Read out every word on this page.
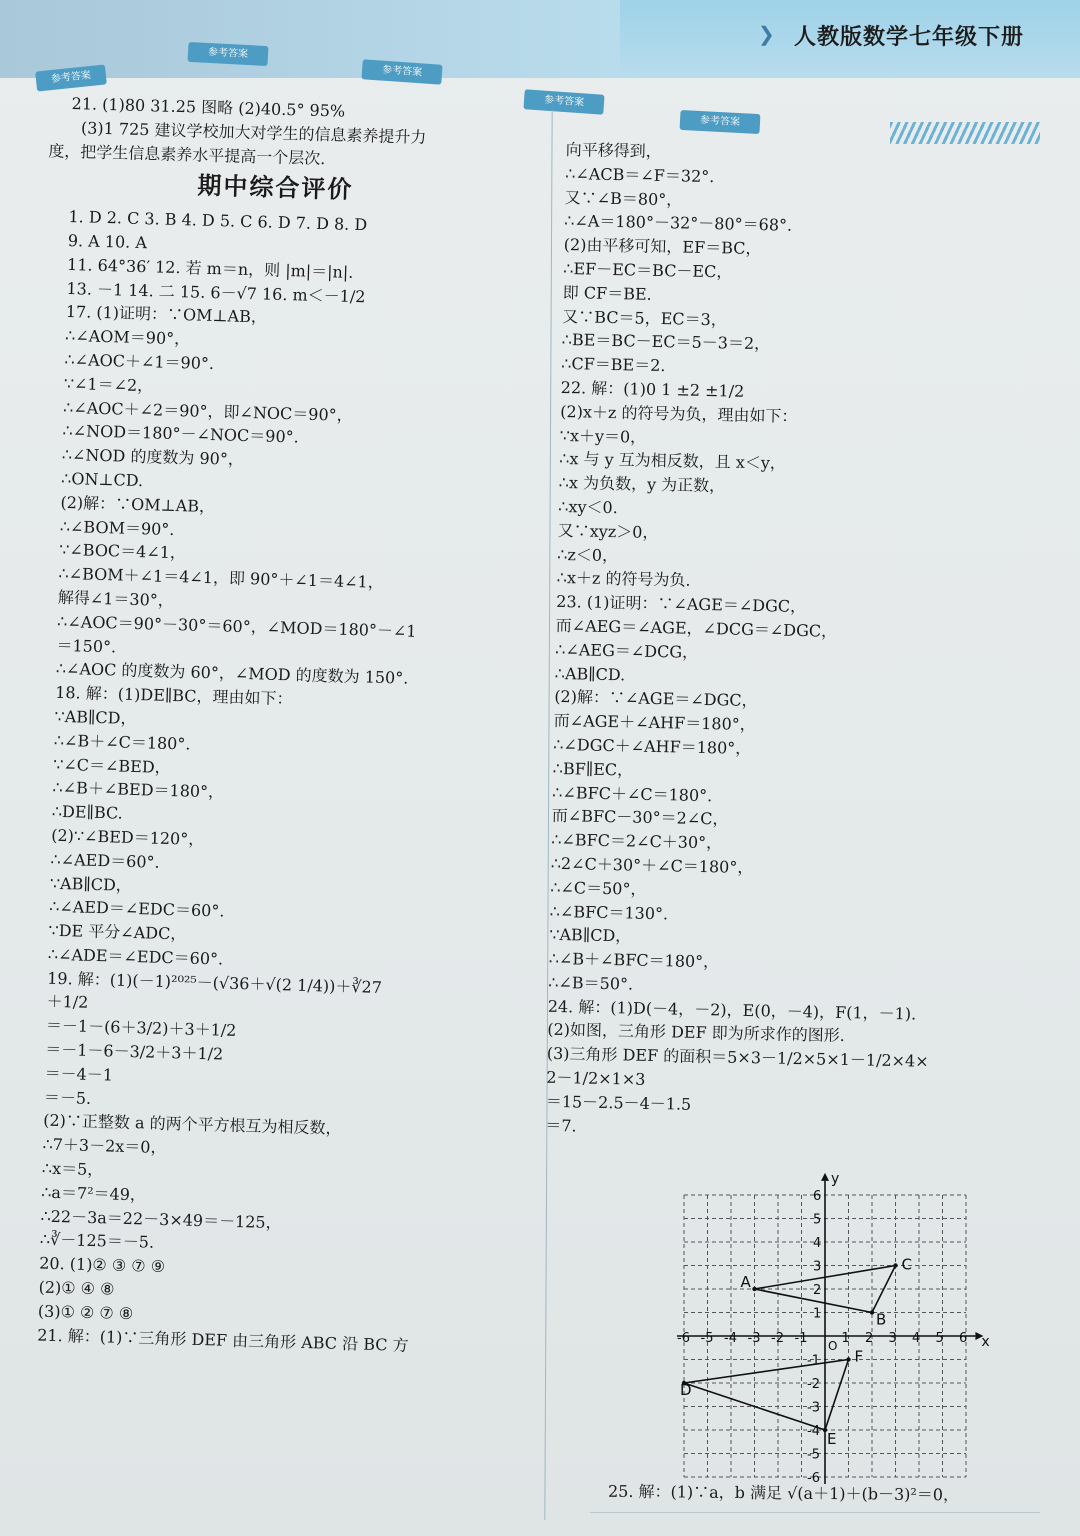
❯ 人教版数学七年级下册
参考答案
参考答案
参考答案
参考答案
参考答案
21. (1)80 31.25 图略 (2)40.5° 95%
(3)1 725 建议学校加大对学生的信息素养提升力
度，把学生信息素养水平提高一个层次.
期中综合评价
1. D 2. C 3. B 4. D 5. C 6. D 7. D 8. D
9. A 10. A
11. 64°36′ 12. 若 m＝n，则 |m|＝|n|.
13. －1 14. 二 15. 6－√7 16. m＜－1/2
17. (1)证明：∵OM⊥AB，
∴∠AOM＝90°，
∴∠AOC＋∠1＝90°.
∵∠1＝∠2，
∴∠AOC＋∠2＝90°，即∠NOC＝90°，
∴∠NOD＝180°－∠NOC＝90°.
∴∠NOD 的度数为 90°，
∴ON⊥CD.
(2)解：∵OM⊥AB，
∴∠BOM＝90°.
∵∠BOC＝4∠1，
∴∠BOM＋∠1＝4∠1，即 90°＋∠1＝4∠1，
解得∠1＝30°，
∴∠AOC＝90°－30°＝60°，∠MOD＝180°－∠1
＝150°.
∴∠AOC 的度数为 60°，∠MOD 的度数为 150°.
18. 解：(1)DE∥BC，理由如下：
∵AB∥CD，
∴∠B＋∠C＝180°.
∵∠C＝∠BED，
∴∠B＋∠BED＝180°，
∴DE∥BC.
(2)∵∠BED＝120°，
∴∠AED＝60°.
∵AB∥CD，
∴∠AED＝∠EDC＝60°.
∵DE 平分∠ADC，
∴∠ADE＝∠EDC＝60°.
19. 解：(1)(－1)²⁰²⁵－(√36＋√(2 1/4))＋∛27
＋1/2
＝－1－(6＋3/2)＋3＋1/2
＝－1－6－3/2＋3＋1/2
＝－4－1
＝－5.
(2)∵正整数 a 的两个平方根互为相反数，
∴7＋3－2x＝0，
∴x＝5，
∴a＝7²＝49，
∴22－3a＝22－3×49＝－125，
∴∛－125＝－5.
20. (1)② ③ ⑦ ⑨
(2)① ④ ⑧
(3)① ② ⑦ ⑧
21. 解：(1)∵三角形 DEF 由三角形 ABC 沿 BC 方
向平移得到，
∴∠ACB＝∠F＝32°.
又∵∠B＝80°，
∴∠A＝180°－32°－80°＝68°.
(2)由平移可知，EF＝BC，
∴EF－EC＝BC－EC，
即 CF＝BE.
又∵BC＝5，EC＝3，
∴BE＝BC－EC＝5－3＝2，
∴CF＝BE＝2.
22. 解：(1)0 1 ±2 ±1/2
(2)x＋z 的符号为负，理由如下：
∵x＋y＝0，
∴x 与 y 互为相反数，且 x＜y，
∴x 为负数，y 为正数，
∴xy＜0.
又∵xyz＞0，
∴z＜0，
∴x＋z 的符号为负.
23. (1)证明：∵∠AGE＝∠DGC，
而∠AEG＝∠AGE，∠DCG＝∠DGC，
∴∠AEG＝∠DCG，
∴AB∥CD.
(2)解：∵∠AGE＝∠DGC，
而∠AGE＋∠AHF＝180°，
∴∠DGC＋∠AHF＝180°，
∴BF∥EC，
∴∠BFC＋∠C＝180°.
而∠BFC－30°＝2∠C，
∴∠BFC＝2∠C＋30°，
∴2∠C＋30°＋∠C＝180°，
∴∠C＝50°，
∴∠BFC＝130°.
∵AB∥CD，
∴∠B＋∠BFC＝180°，
∴∠B＝50°.
24. 解：(1)D(－4，－2)，E(0，－4)，F(1，－1).
(2)如图，三角形 DEF 即为所求作的图形.
(3)三角形 DEF 的面积＝5×3－1/2×5×1－1/2×4×
2－1/2×1×3
＝15－2.5－4－1.5
＝7.
x
y
O
-6 -5 -4 -3 -2 -1	1 2 3 4 5 6
6
5
4
3
2
1
-1
-2
-3
-4
-5
-6
A
B
C
D
E
F
25. 解：(1)∵a，b 满足 √(a＋1)＋(b－3)²＝0，
